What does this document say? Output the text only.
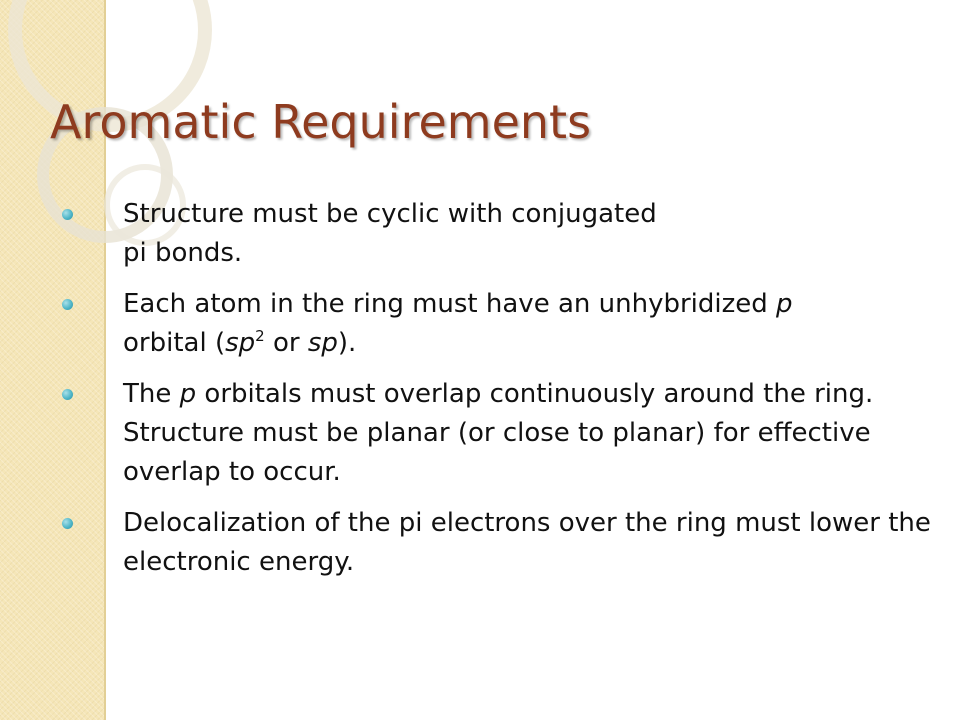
Aromatic Requirements
Structure must be cyclic with conjugated
pi bonds.
Each atom in the ring must have an unhybridized p
orbital ($sp^2$ or sp).
The p orbitals must overlap continuously around the ring. Structure must be planar (or close to planar) for effective overlap to occur.
Delocalization of the pi electrons over the ring must lower the electronic energy.
